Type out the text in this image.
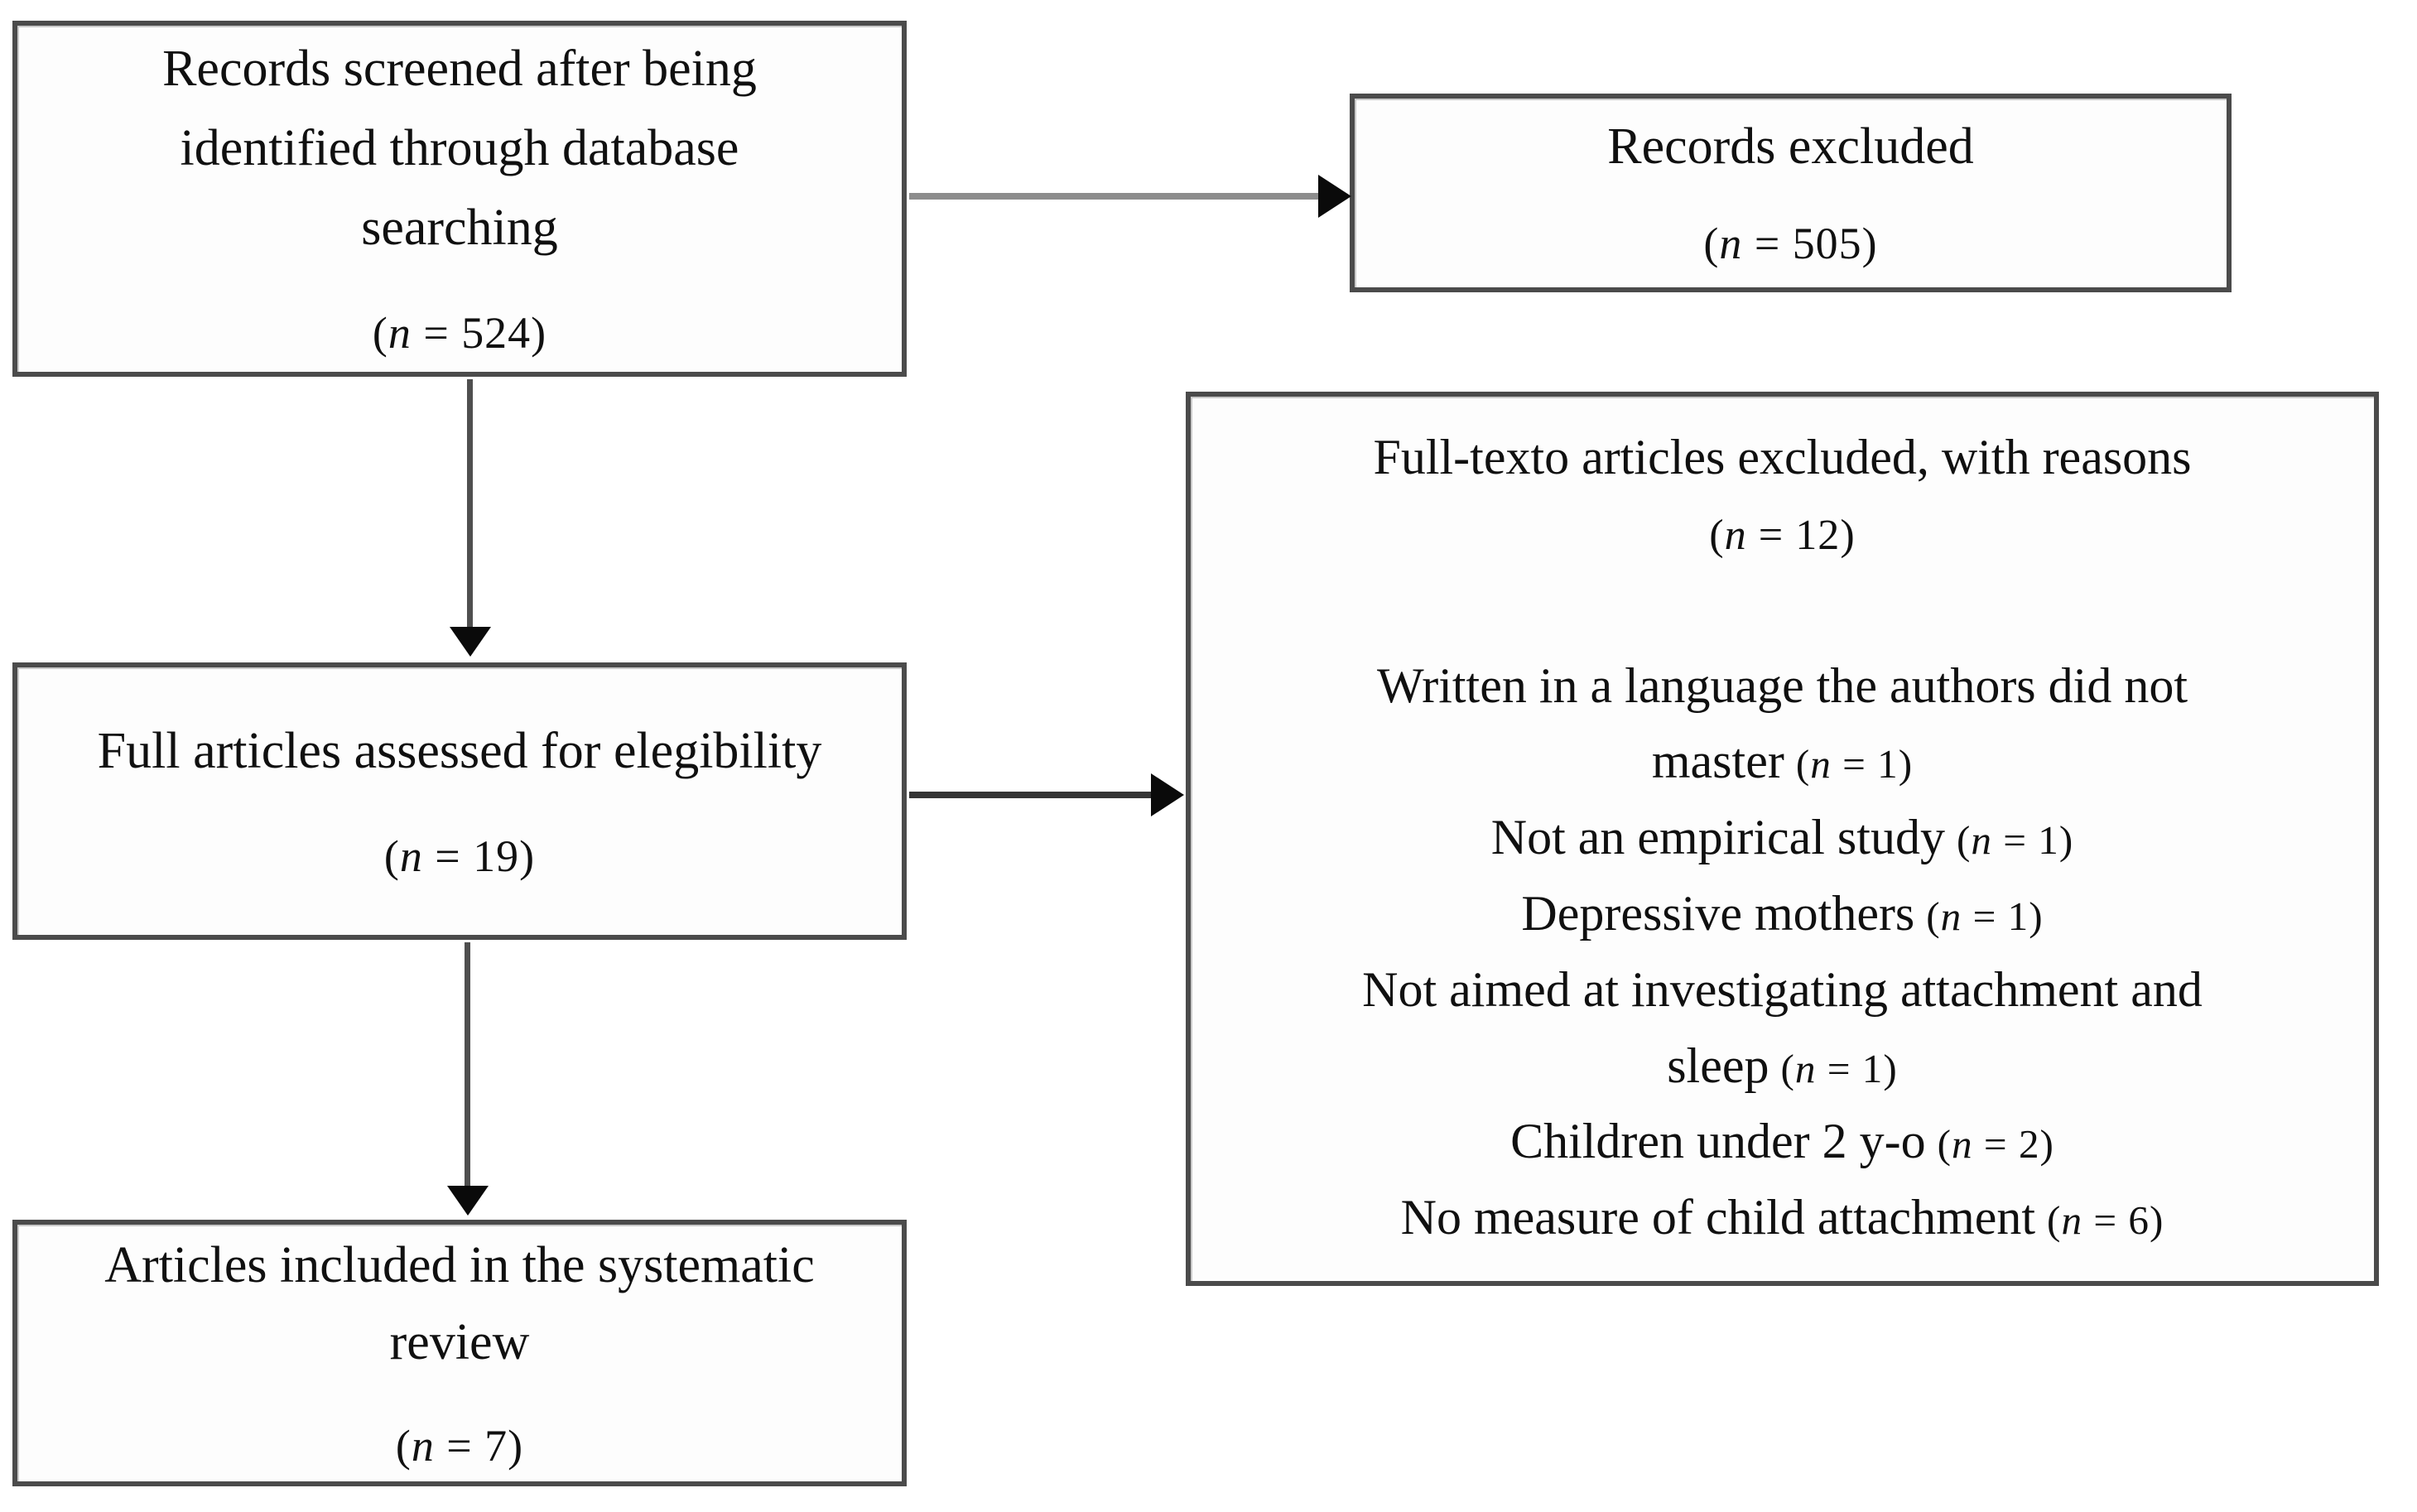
Records screened after being identified through database searching
(n = 524)
Records excluded
(n = 505)
Full articles assessed for elegibility
(n = 19)
Full-texto articles excluded, with reasons
(n = 12)
Written in a language the authors did not master (n = 1)
Not an empirical study (n = 1)
Depressive mothers (n = 1)
Not aimed at investigating attachment and sleep (n = 1)
Children under 2 y-o (n = 2)
No measure of child attachment (n = 6)
Articles included in the systematic review
(n = 7)
